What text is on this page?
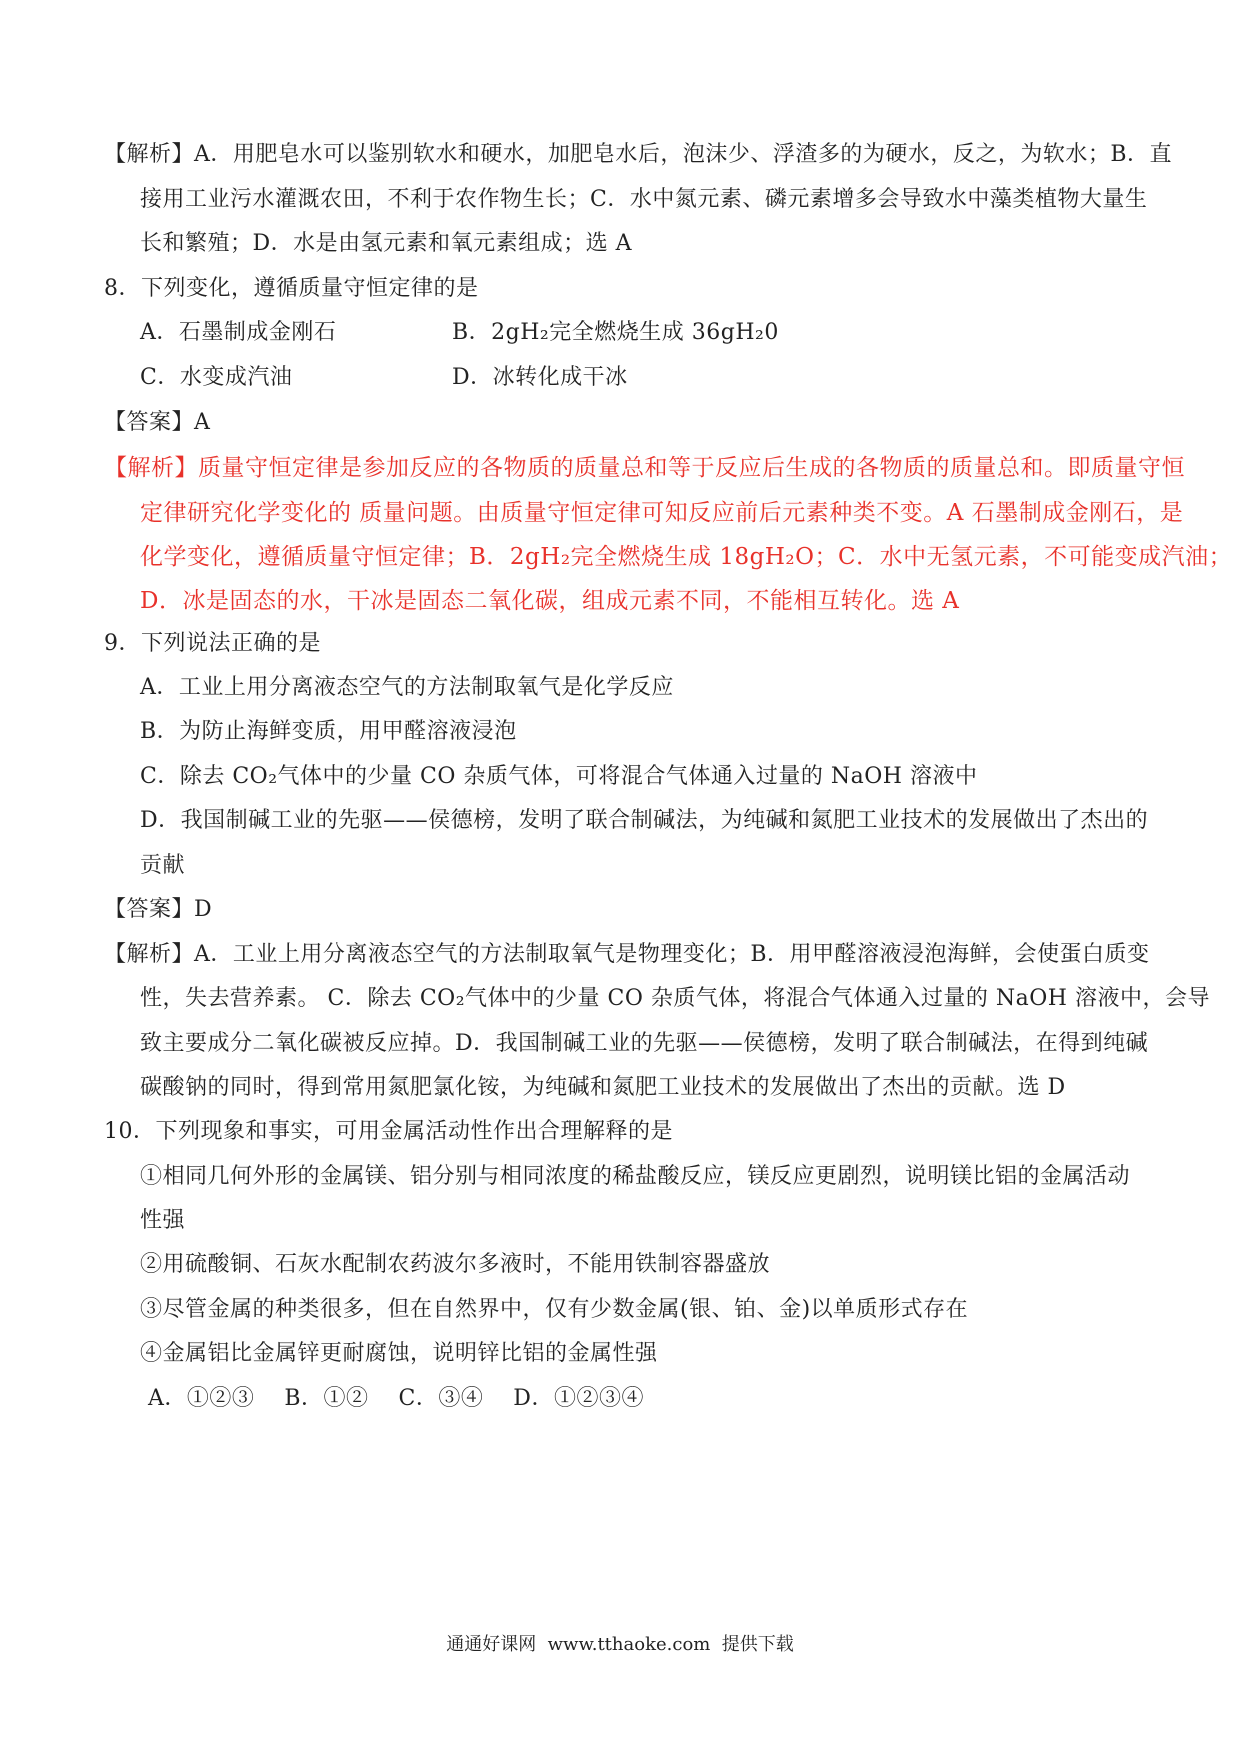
【解析】A．用肥皂水可以鉴别软水和硬水，加肥皂水后，泡沫少、浮渣多的为硬水，反之，为软水；B．直
接用工业污水灌溉农田，不利于农作物生长；C．水中氮元素、磷元素增多会导致水中藻类植物大量生
长和繁殖；D．水是由氢元素和氧元素组成；选 A
8．下列变化，遵循质量守恒定律的是
A．石墨制成金刚石	B．2gH₂完全燃烧生成 36gH₂0
C．水变成汽油	D．冰转化成干冰
【答案】A
【解析】质量守恒定律是参加反应的各物质的质量总和等于反应后生成的各物质的质量总和。即质量守恒
定律研究化学变化的 质量问题。由质量守恒定律可知反应前后元素种类不变。A 石墨制成金刚石，是
化学变化，遵循质量守恒定律；B．2gH₂完全燃烧生成 18gH₂O；C．水中无氢元素，不可能变成汽油；
D．冰是固态的水，干冰是固态二氧化碳，组成元素不同，不能相互转化。选 A
9．下列说法正确的是
A．工业上用分离液态空气的方法制取氧气是化学反应
B．为防止海鲜变质，用甲醛溶液浸泡
C．除去 CO₂气体中的少量 CO 杂质气体，可将混合气体通入过量的 NaOH 溶液中
D．我国制碱工业的先驱——侯德榜，发明了联合制碱法，为纯碱和氮肥工业技术的发展做出了杰出的
贡献
【答案】D
【解析】A．工业上用分离液态空气的方法制取氧气是物理变化；B．用甲醛溶液浸泡海鲜，会使蛋白质变
性，失去营养素。 C．除去 CO₂气体中的少量 CO 杂质气体，将混合气体通入过量的 NaOH 溶液中，会导
致主要成分二氧化碳被反应掉。D．我国制碱工业的先驱——侯德榜，发明了联合制碱法，在得到纯碱
碳酸钠的同时，得到常用氮肥氯化铵，为纯碱和氮肥工业技术的发展做出了杰出的贡献。选 D
10．下列现象和事实，可用金属活动性作出合理解释的是
①相同几何外形的金属镁、铝分别与相同浓度的稀盐酸反应，镁反应更剧烈，说明镁比铝的金属活动
性强
②用硫酸铜、石灰水配制农药波尔多液时，不能用铁制容器盛放
③尽管金属的种类很多，但在自然界中，仅有少数金属(银、铂、金)以单质形式存在
④金属铝比金属锌更耐腐蚀，说明锌比铝的金属性强
A．①②③    B．①②    C．③④    D．①②③④
通通好课网  www.tthaoke.com  提供下载
